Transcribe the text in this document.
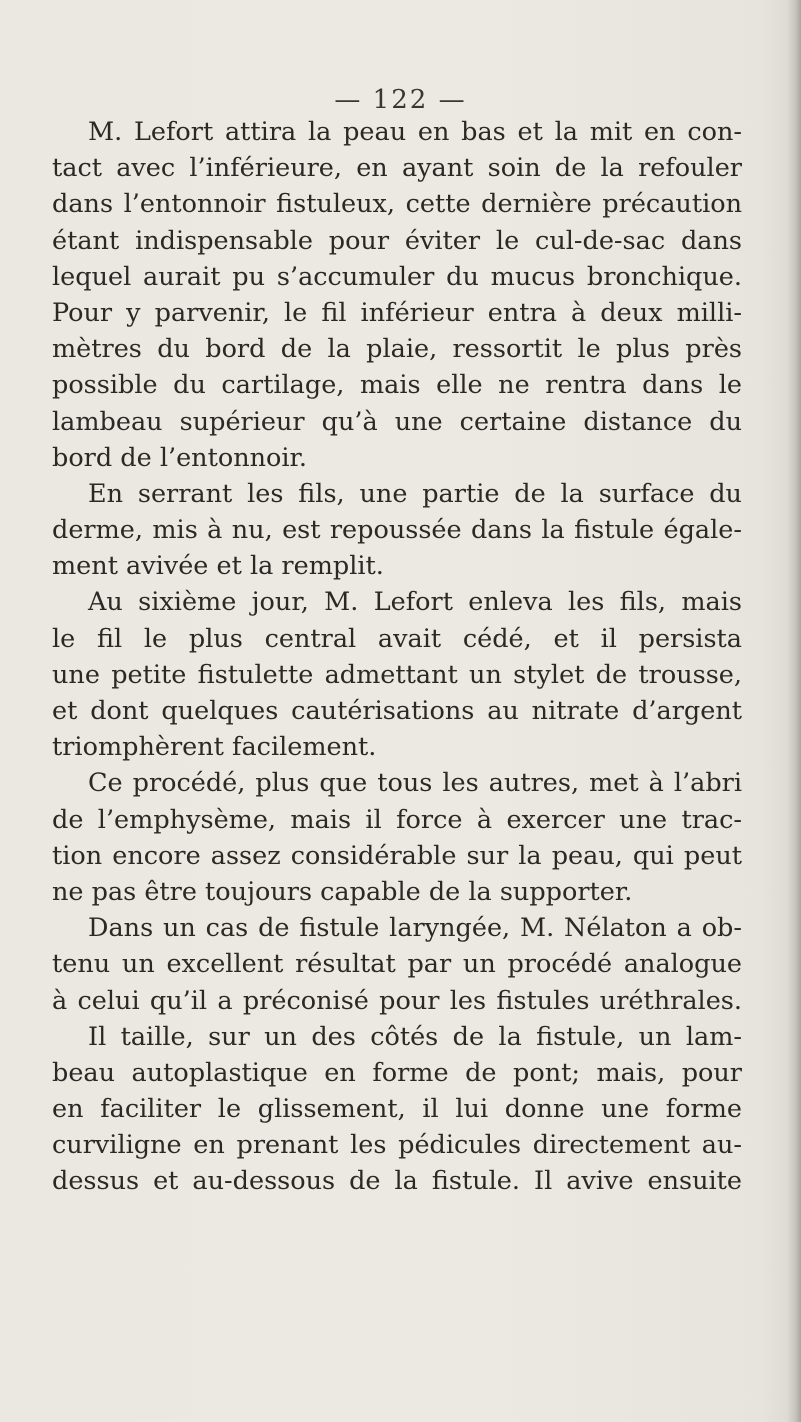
— 122 —
M. Lefort attira la peau en bas et la mit en con-
tact avec l’inférieure, en ayant soin de la refouler
dans l’entonnoir fistuleux, cette dernière précaution
étant indispensable pour éviter le cul-de-sac dans
lequel aurait pu s’accumuler du mucus bronchique.
Pour y parvenir, le fil inférieur entra à deux milli-
mètres du bord de la plaie, ressortit le plus près
possible du cartilage, mais elle ne rentra dans le
lambeau supérieur qu’à une certaine distance du
bord de l’entonnoir.
En serrant les fils, une partie de la surface du
derme, mis à nu, est repoussée dans la fistule égale-
ment avivée et la remplit.
Au sixième jour, M. Lefort enleva les fils, mais
le fil le plus central avait cédé, et il persista
une petite fistulette admettant un stylet de trousse,
et dont quelques cautérisations au nitrate d’argent
triomphèrent facilement.
Ce procédé, plus que tous les autres, met à l’abri
de l’emphysème, mais il force à exercer une trac-
tion encore assez considérable sur la peau, qui peut
ne pas être toujours capable de la supporter.
Dans un cas de fistule laryngée, M. Nélaton a ob-
tenu un excellent résultat par un procédé analogue
à celui qu’il a préconisé pour les fistules uréthrales.
Il taille, sur un des côtés de la fistule, un lam-
beau autoplastique en forme de pont; mais, pour
en faciliter le glissement, il lui donne une forme
curviligne en prenant les pédicules directement au-
dessus et au-dessous de la fistule. Il avive ensuite
